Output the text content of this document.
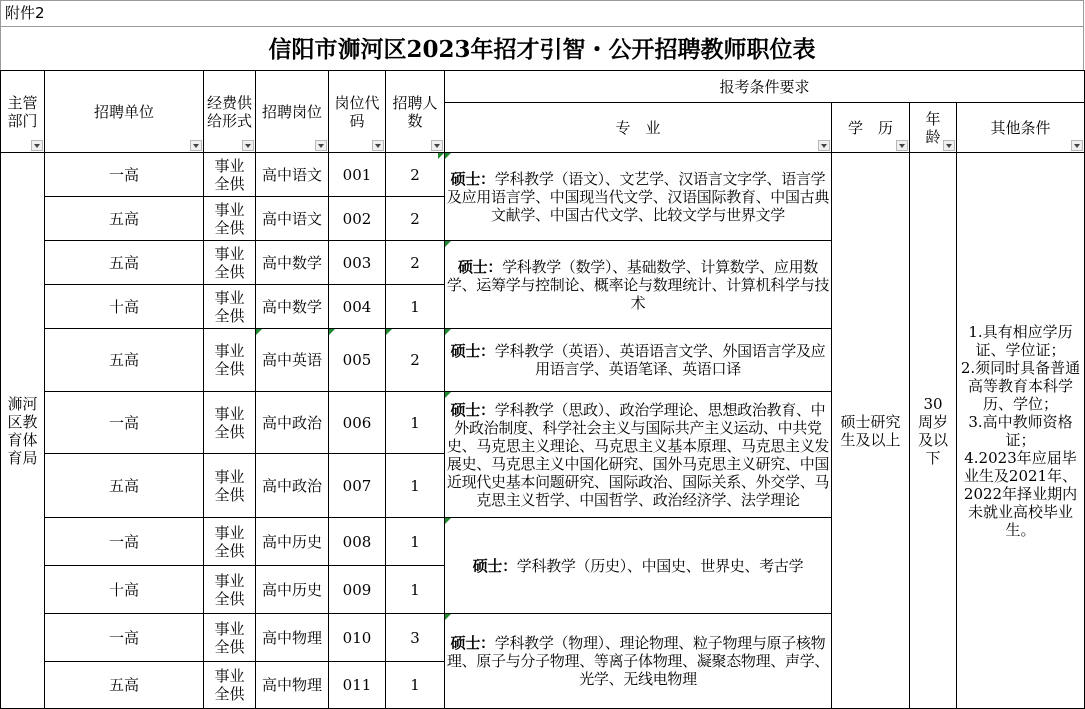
附件2
信阳市浉河区2023年招才引智・公开招聘教师职位表
主管部门	招聘单位	经费供给形式	招聘岗位	岗位代码	招聘人数	报考条件要求			
						专　业	学　历	年龄	其他条件

浉河区教育体育局	一高	事业全供	高中语文	001	2	硕士：学科教学（语文）、文艺学、汉语言文字学、语言学及应用语言学、中国现当代文学、汉语国际教育、中国古典文献学、中国古代文学、比较文学与世界文学	硕士研究生及以上	30周岁及以下	1.具有相应学历证、学位证；
2.须同时具备普通高等教育本科学历、学位；
3.高中教师资格证；
4.2023年应届毕业生及2021年、2022年择业期内未就业高校毕业生。

	五高	事业全供	高中语文	002	2				
	五高	事业全供	高中数学	003	2	硕士：学科教学（数学）、基础数学、计算数学、应用数学、运筹学与控制论、概率论与数理统计、计算机科学与技术			
	十高	事业全供	高中数学	004	1				
	五高	事业全供	高中英语	005	2	硕士：学科教学（英语）、英语语言文学、外国语言学及应用语言学、英语笔译、英语口译			
	一高	事业全供	高中政治	006	1	硕士：学科教学（思政）、政治学理论、思想政治教育、中外政治制度、科学社会主义与国际共产主义运动、中共党史、马克思主义理论、马克思主义基本原理、马克思主义发展史、马克思主义中国化研究、国外马克思主义研究、中国近现代史基本问题研究、国际政治、国际关系、外交学、马克思主义哲学、中国哲学、政治经济学、法学理论			
	五高	事业全供	高中政治	007	1				
	一高	事业全供	高中历史	008	1	硕士：学科教学（历史）、中国史、世界史、考古学			
	十高	事业全供	高中历史	009	1				
	一高	事业全供	高中物理	010	3	硕士：学科教学（物理）、理论物理、粒子物理与原子核物理、原子与分子物理、等离子体物理、凝聚态物理、声学、光学、无线电物理			
	五高	事业全供	高中物理	011	1				
